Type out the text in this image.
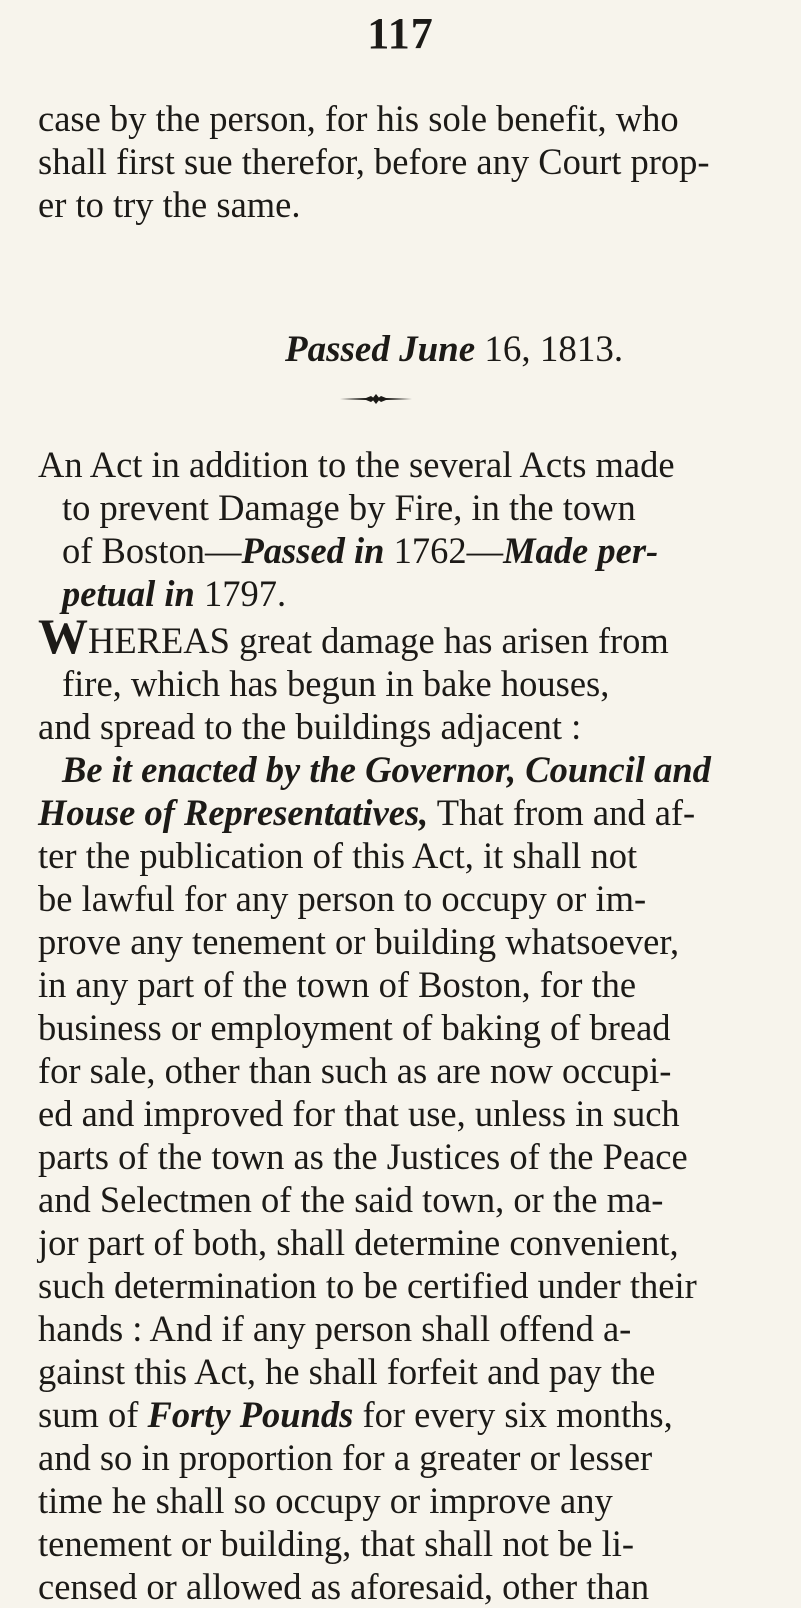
117
case by the person, for his sole benefit, who
shall first sue therefor, before any Court prop-
er to try the same.
Passed June 16, 1813.
An Act in addition to the several Acts made
to prevent Damage by Fire, in the town
of Boston—Passed in 1762—Made per-
petual in 1797.
WHEREAS great damage has arisen from
fire, which has begun in bake houses,
and spread to the buildings adjacent :
Be it enacted by the Governor, Council and
House of Representatives, That from and af-
ter the publication of this Act, it shall not
be lawful for any person to occupy or im-
prove any tenement or building whatsoever,
in any part of the town of Boston, for the
business or employment of baking of bread
for sale, other than such as are now occupi-
ed and improved for that use, unless in such
parts of the town as the Justices of the Peace
and Selectmen of the said town, or the ma-
jor part of both, shall determine convenient,
such determination to be certified under their
hands : And if any person shall offend a-
gainst this Act, he shall forfeit and pay the
sum of Forty Pounds for every six months,
and so in proportion for a greater or lesser
time he shall so occupy or improve any
tenement or building, that shall not be li-
censed or allowed as aforesaid, other than
